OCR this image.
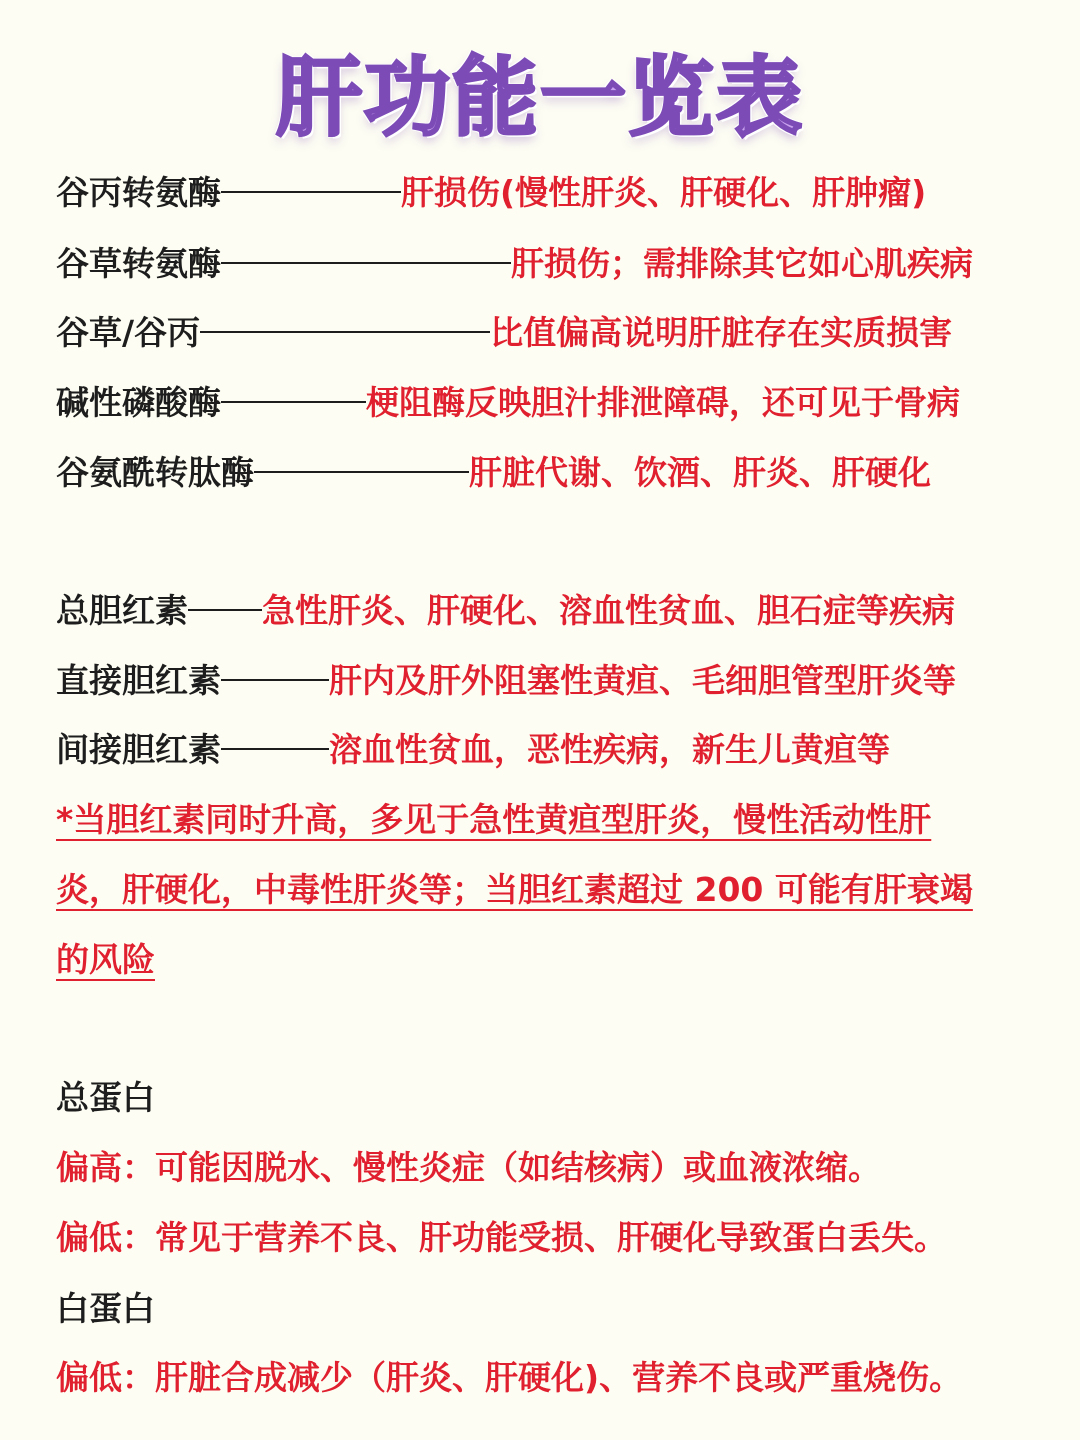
肝功能一览表
谷丙转氨酶	肝损伤(慢性肝炎、肝硬化、肝肿瘤)
谷草转氨酶	肝损伤；需排除其它如心肌疾病
谷草/谷丙	比值偏高说明肝脏存在实质损害
碱性磷酸酶	梗阻酶反映胆汁排泄障碍，还可见于骨病
谷氨酰转肽酶	肝脏代谢、饮酒、肝炎、肝硬化
总胆红素 急性肝炎、肝硬化、溶血性贫血、胆石症等疾病
直接胆红素	肝内及肝外阻塞性黄疸、毛细胆管型肝炎等
间接胆红素	溶血性贫血，恶性疾病，新生儿黄疸等
*当胆红素同时升高，多见于急性黄疸型肝炎，慢性活动性肝炎，肝硬化，中毒性肝炎等；当胆红素超过 200 可能有肝衰竭的风险
总蛋白
偏高：可能因脱水、慢性炎症（如结核病）或血液浓缩。
偏低：常见于营养不良、肝功能受损、肝硬化导致蛋白丢失。
白蛋白
偏低：肝脏合成减少（肝炎、肝硬化)、营养不良或严重烧伤。
